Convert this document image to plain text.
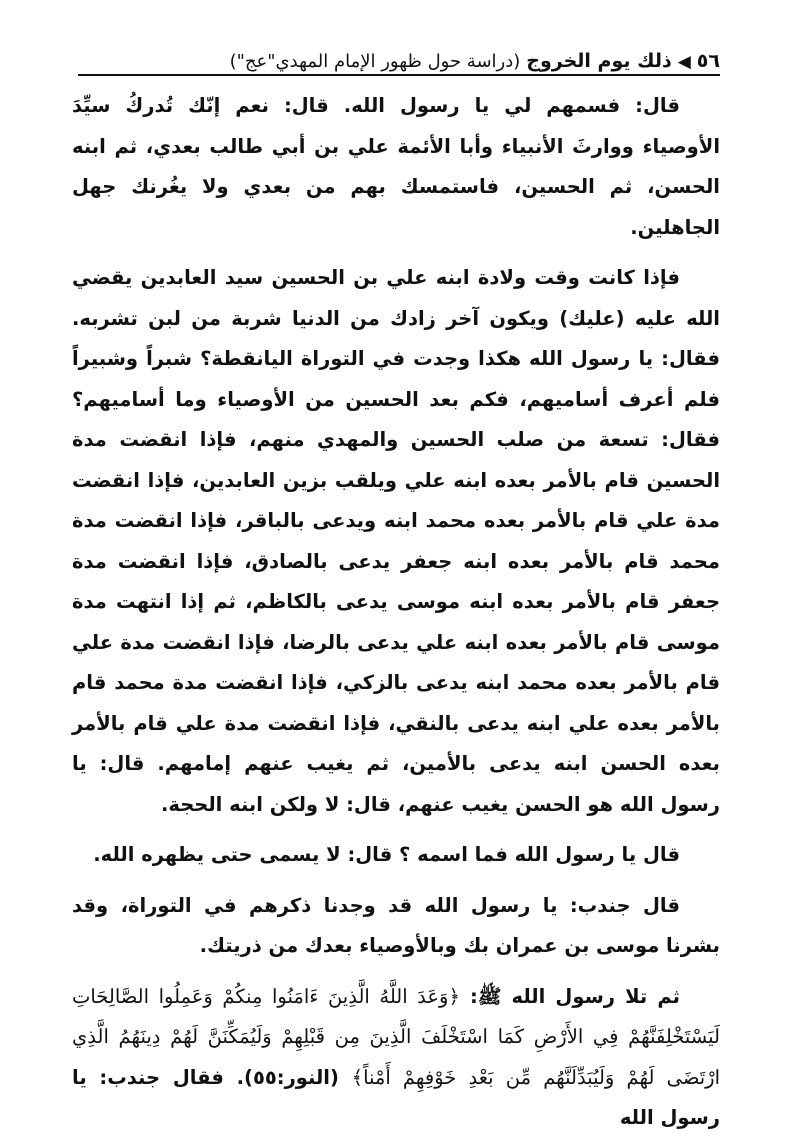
٥٦
◀
ذلك يوم الخروج
(دراسة حول ظهور الإمام المهدي"عج")

قال: فسمهم لي يا رسول الله. قال: نعم إنّك تُدركُ سيِّدَ الأوصياء ووارثَ الأنبياء وأبا الأئمة علي بن أبي طالب بعدي، ثم ابنه الحسن، ثم الحسين، فاستمسك بهم من بعدي ولا يغُرنك جهل الجاهلين.

فإذا كانت وقت ولادة ابنه علي بن الحسين سيد العابدين يقضي الله عليه (عليك) ويكون آخر زادك من الدنيا شربة من لبن تشربه. فقال: يا رسول الله هكذا وجدت في التوراة اليانقطة؟ شبراً وشبيراً فلم أعرف أساميهم، فكم بعد الحسين من الأوصياء وما أساميهم؟ فقال: تسعة من صلب الحسين والمهدي منهم، فإذا انقضت مدة الحسين قام بالأمر بعده ابنه علي ويلقب بزين العابدين، فإذا انقضت مدة علي قام بالأمر بعده محمد ابنه ويدعى بالباقر، فإذا انقضت مدة محمد قام بالأمر بعده ابنه جعفر يدعى بالصادق، فإذا انقضت مدة جعفر قام بالأمر بعده ابنه موسى يدعى بالكاظم، ثم إذا انتهت مدة موسى قام بالأمر بعده ابنه علي يدعى بالرضا، فإذا انقضت مدة علي قام بالأمر بعده محمد ابنه يدعى بالزكي، فإذا انقضت مدة محمد قام بالأمر بعده علي ابنه يدعى بالنقي، فإذا انقضت مدة علي قام بالأمر بعده الحسن ابنه يدعى بالأمين، ثم يغيب عنهم إمامهم. قال: يا رسول الله هو الحسن يغيب عنهم، قال: لا ولكن ابنه الحجة.

قال يا رسول الله فما اسمه ؟ قال: لا يسمى حتى يظهره الله.

قال جندب: يا رسول الله قد وجدنا ذكرهم في التوراة، وقد بشرنا موسى بن عمران بك وبالأوصياء بعدك من ذريتك.

ثم تلا رسول الله ﷺ: ﴿وَعَدَ اللَّهُ الَّذِينَ ءَامَنُوا مِنكُمْ وَعَمِلُوا الصَّالِحَاتِ لَيَسْتَخْلِفَنَّهُمْ فِي الأَرْضِ كَمَا اسْتَخْلَفَ الَّذِينَ مِن قَبْلِهِمْ وَلَيُمَكِّنَنَّ لَهُمْ دِينَهُمُ الَّذِي ارْتَضَى لَهُمْ وَلَيُبَدِّلَنَّهُم مِّن بَعْدِ خَوْفِهِمْ أَمْناً﴾ (النور:٥٥). فقال جندب: يا رسول الله
